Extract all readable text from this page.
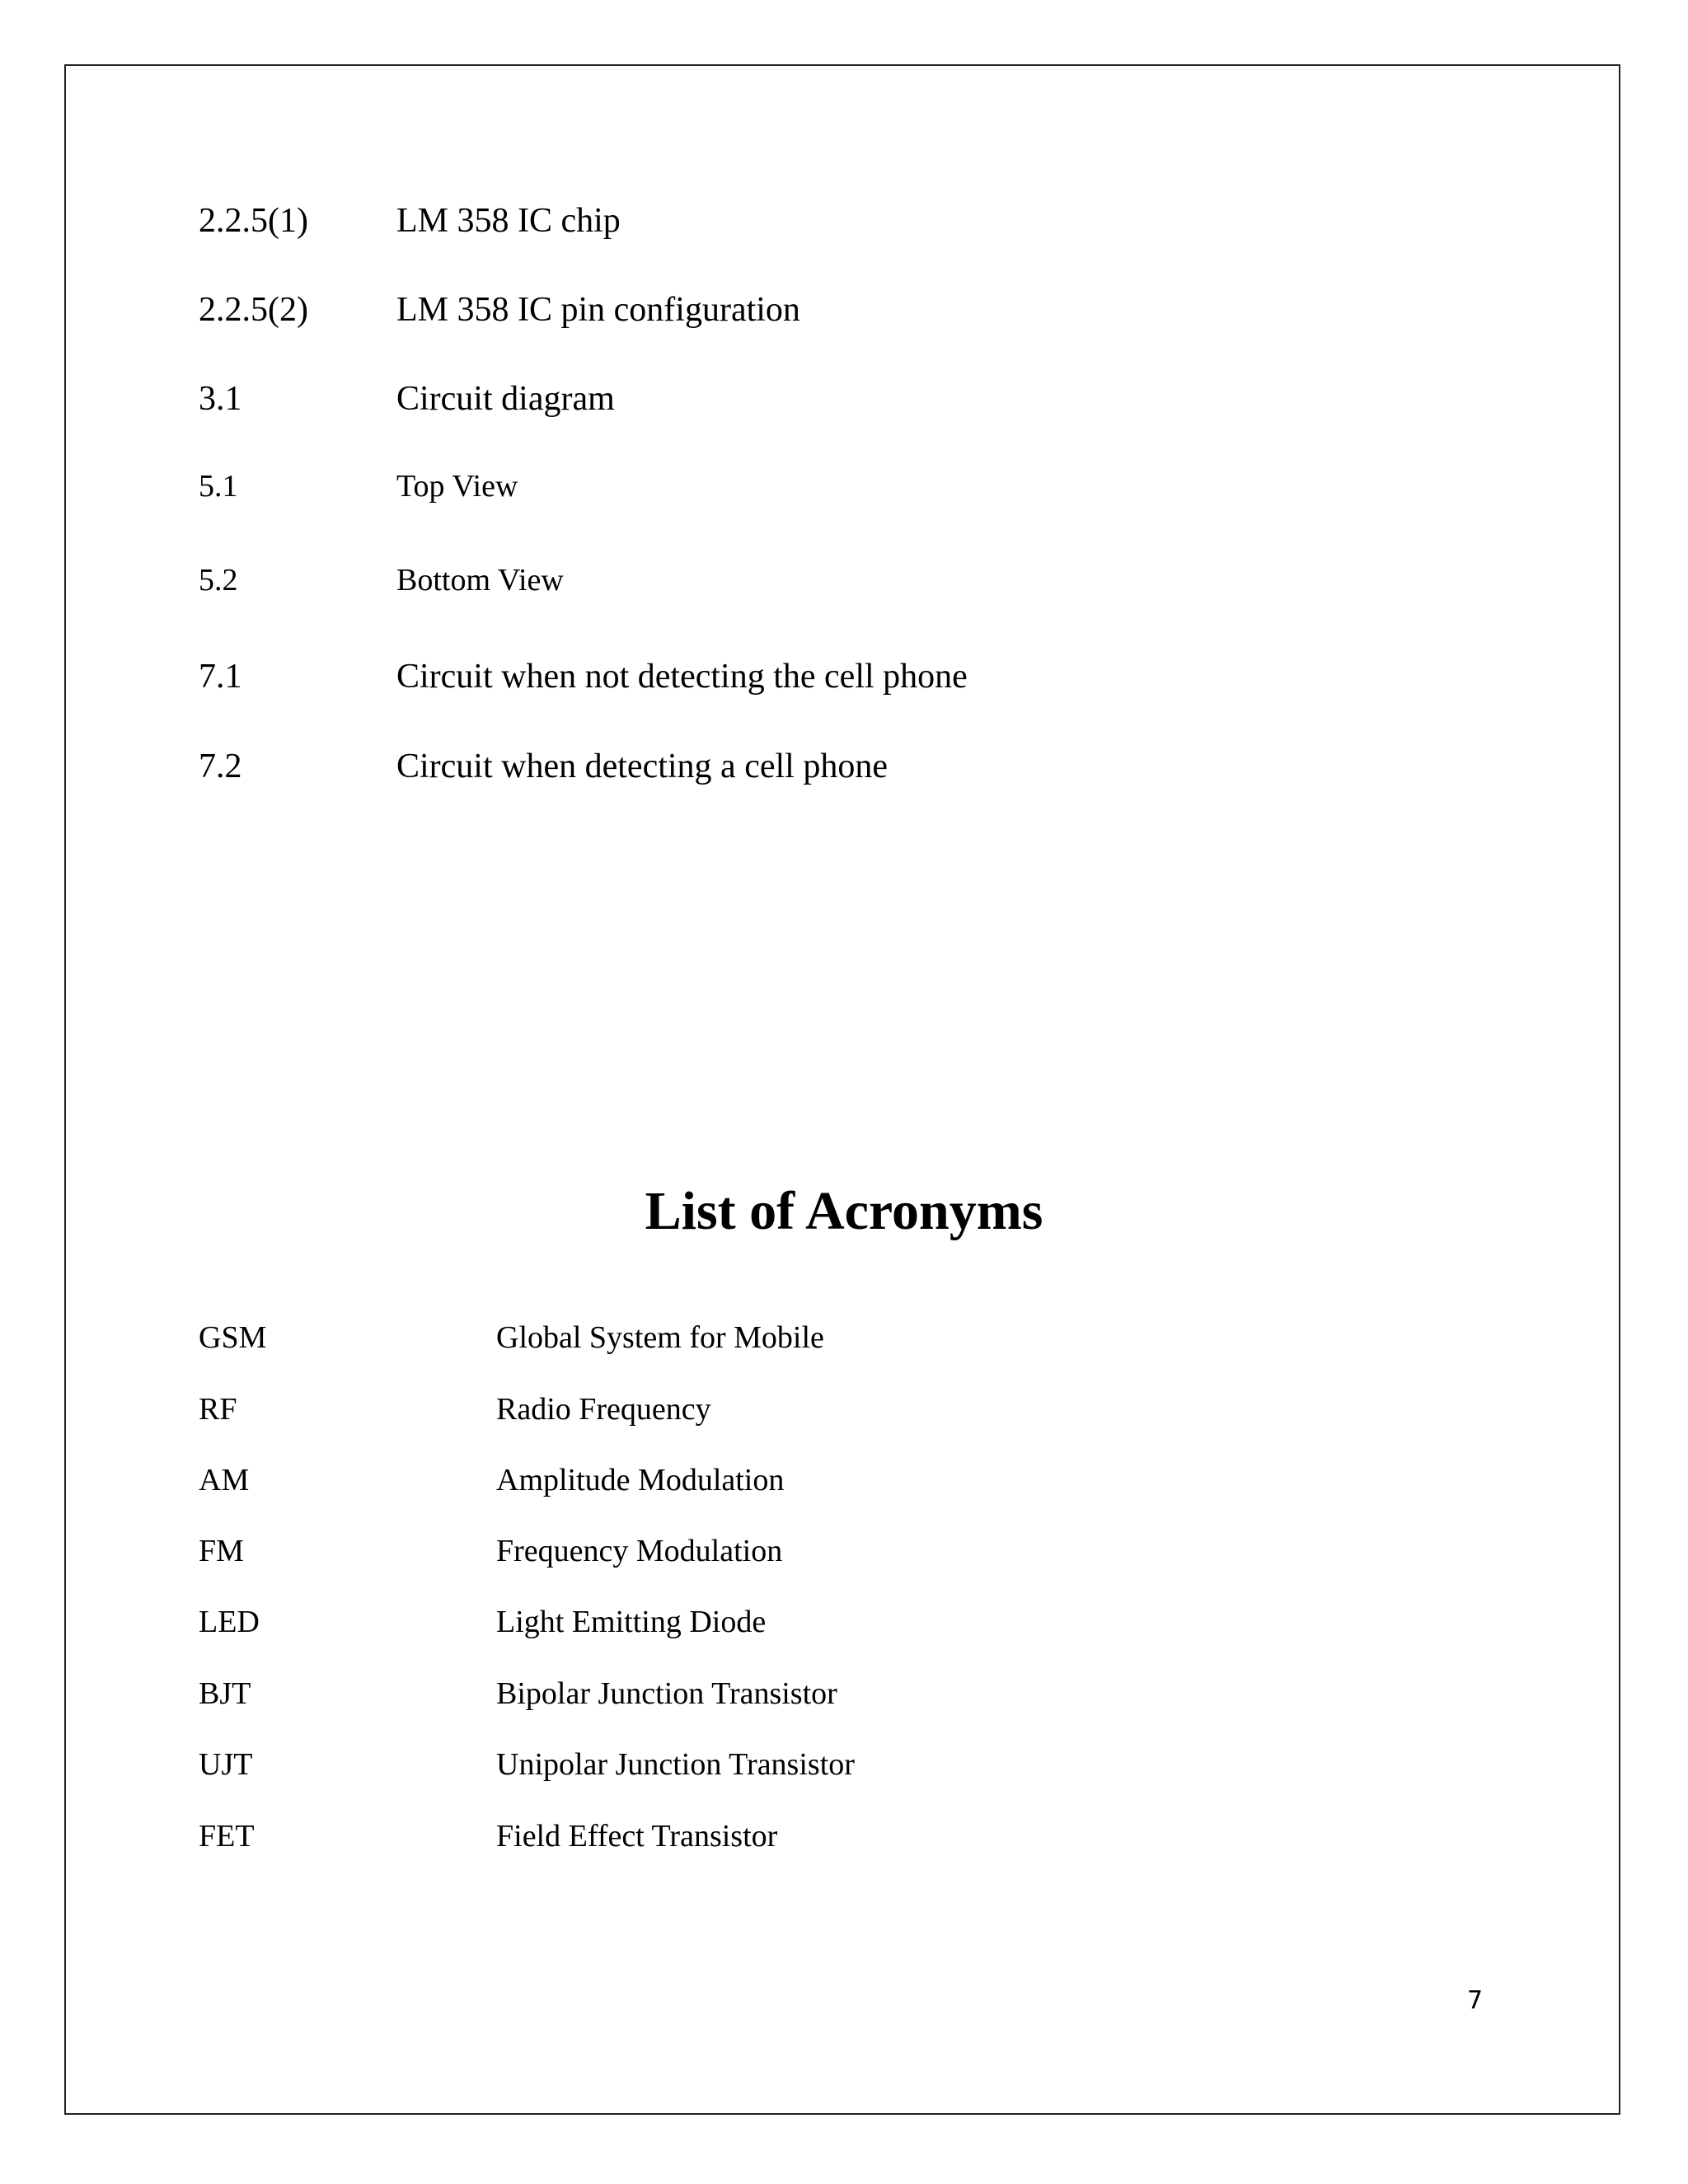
2.2.5(1)	LM 358 IC chip
2.2.5(2)	LM 358 IC pin configuration
3.1	Circuit diagram
5.1	Top View
5.2	Bottom View
7.1	Circuit when not detecting the cell phone
7.2	Circuit when detecting a cell phone
List of Acronyms
GSM	Global System for Mobile
RF	Radio Frequency
AM	Amplitude Modulation
FM	Frequency Modulation
LED	Light Emitting Diode
BJT	Bipolar Junction Transistor
UJT	Unipolar Junction Transistor
FET	Field Effect Transistor
7
